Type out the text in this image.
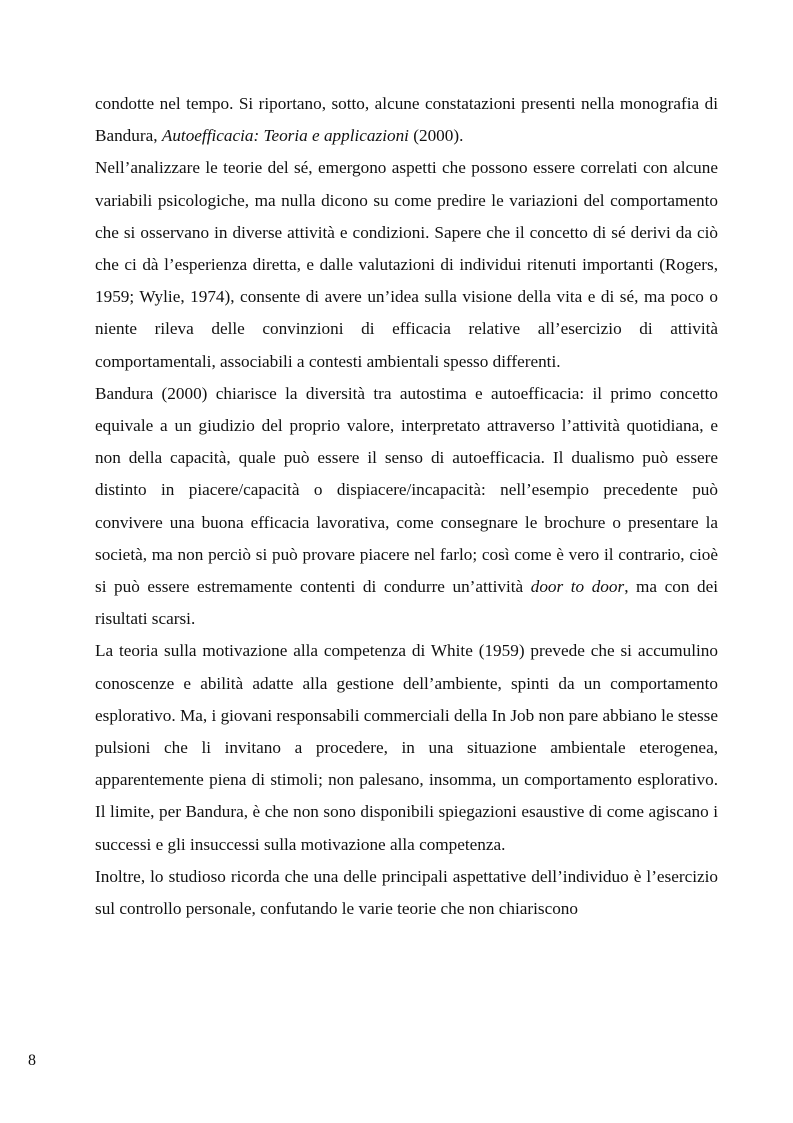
condotte nel tempo. Si riportano, sotto, alcune constatazioni presenti nella monografia di Bandura, Autoefficacia: Teoria e applicazioni (2000).

Nell’analizzare le teorie del sé, emergono aspetti che possono essere correlati con alcune variabili psicologiche, ma nulla dicono su come predire le variazioni del comportamento che si osservano in diverse attività e condizioni. Sapere che il concetto di sé derivi da ciò che ci dà l’esperienza diretta, e dalle valutazioni di individui ritenuti importanti (Rogers, 1959; Wylie, 1974), consente di avere un’idea sulla visione della vita e di sé, ma poco o niente rileva delle convinzioni di efficacia relative all’esercizio di attività comportamentali, associabili a contesti ambientali spesso differenti.

Bandura (2000) chiarisce la diversità tra autostima e autoefficacia: il primo concetto equivale a un giudizio del proprio valore, interpretato attraverso l’attività quotidiana, e non della capacità, quale può essere il senso di autoefficacia. Il dualismo può essere distinto in piacere/capacità o dispiacere/incapacità: nell’esempio precedente può convivere una buona efficacia lavorativa, come consegnare le brochure o presentare la società, ma non perciò si può provare piacere nel farlo; così come è vero il contrario, cioè si può essere estremamente contenti di condurre un’attività door to door, ma con dei risultati scarsi.

La teoria sulla motivazione alla competenza di White (1959) prevede che si accumulino conoscenze e abilità adatte alla gestione dell’ambiente, spinti da un comportamento esplorativo. Ma, i giovani responsabili commerciali della In Job non pare abbiano le stesse pulsioni che li invitano a procedere, in una situazione ambientale eterogenea, apparentemente piena di stimoli; non palesano, insomma, un comportamento esplorativo. Il limite, per Bandura, è che non sono disponibili spiegazioni esaustive di come agiscano i successi e gli insuccessi sulla motivazione alla competenza.

Inoltre, lo studioso ricorda che una delle principali aspettative dell’individuo è l’esercizio sul controllo personale, confutando le varie teorie che non chiariscono

8
